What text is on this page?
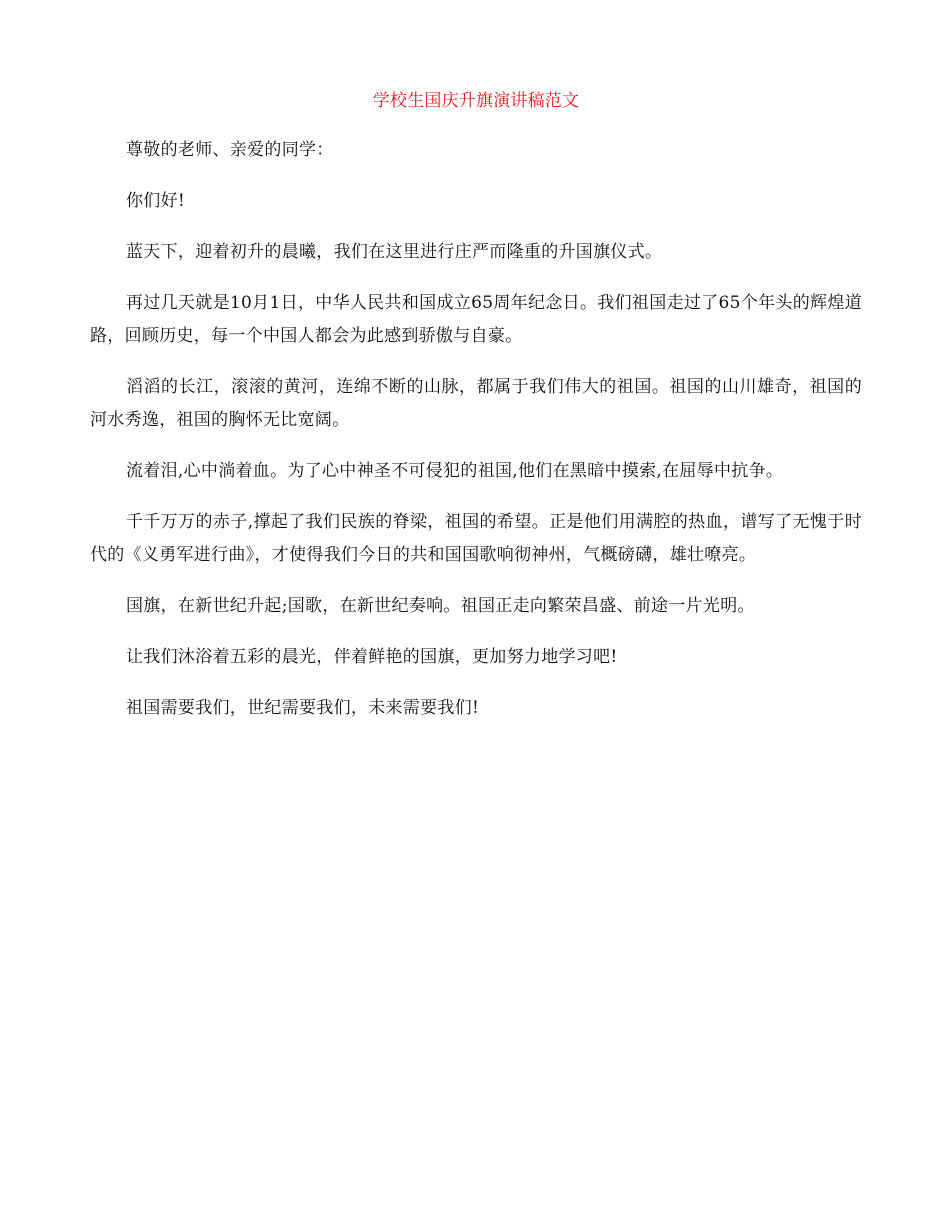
学校生国庆升旗演讲稿范文

尊敬的老师、亲爱的同学：

你们好!

蓝天下，迎着初升的晨曦，我们在这里进行庄严而隆重的升国旗仪式。

再过几天就是10月1日，中华人民共和国成立65周年纪念日。我们祖国走过了65个年头的辉煌道路，回顾历史，每一个中国人都会为此感到骄傲与自豪。

滔滔的长江，滚滚的黄河，连绵不断的山脉，都属于我们伟大的祖国。祖国的山川雄奇，祖国的河水秀逸，祖国的胸怀无比宽阔。

流着泪,心中淌着血。为了心中神圣不可侵犯的祖国,他们在黑暗中摸索,在屈辱中抗争。

千千万万的赤子,撑起了我们民族的脊梁，祖国的希望。正是他们用满腔的热血，谱写了无愧于时代的《义勇军进行曲》，才使得我们今日的共和国国歌响彻神州，气概磅礴，雄壮嘹亮。

国旗，在新世纪升起;国歌，在新世纪奏响。祖国正走向繁荣昌盛、前途一片光明。

让我们沐浴着五彩的晨光，伴着鲜艳的国旗，更加努力地学习吧!

祖国需要我们，世纪需要我们，未来需要我们!
